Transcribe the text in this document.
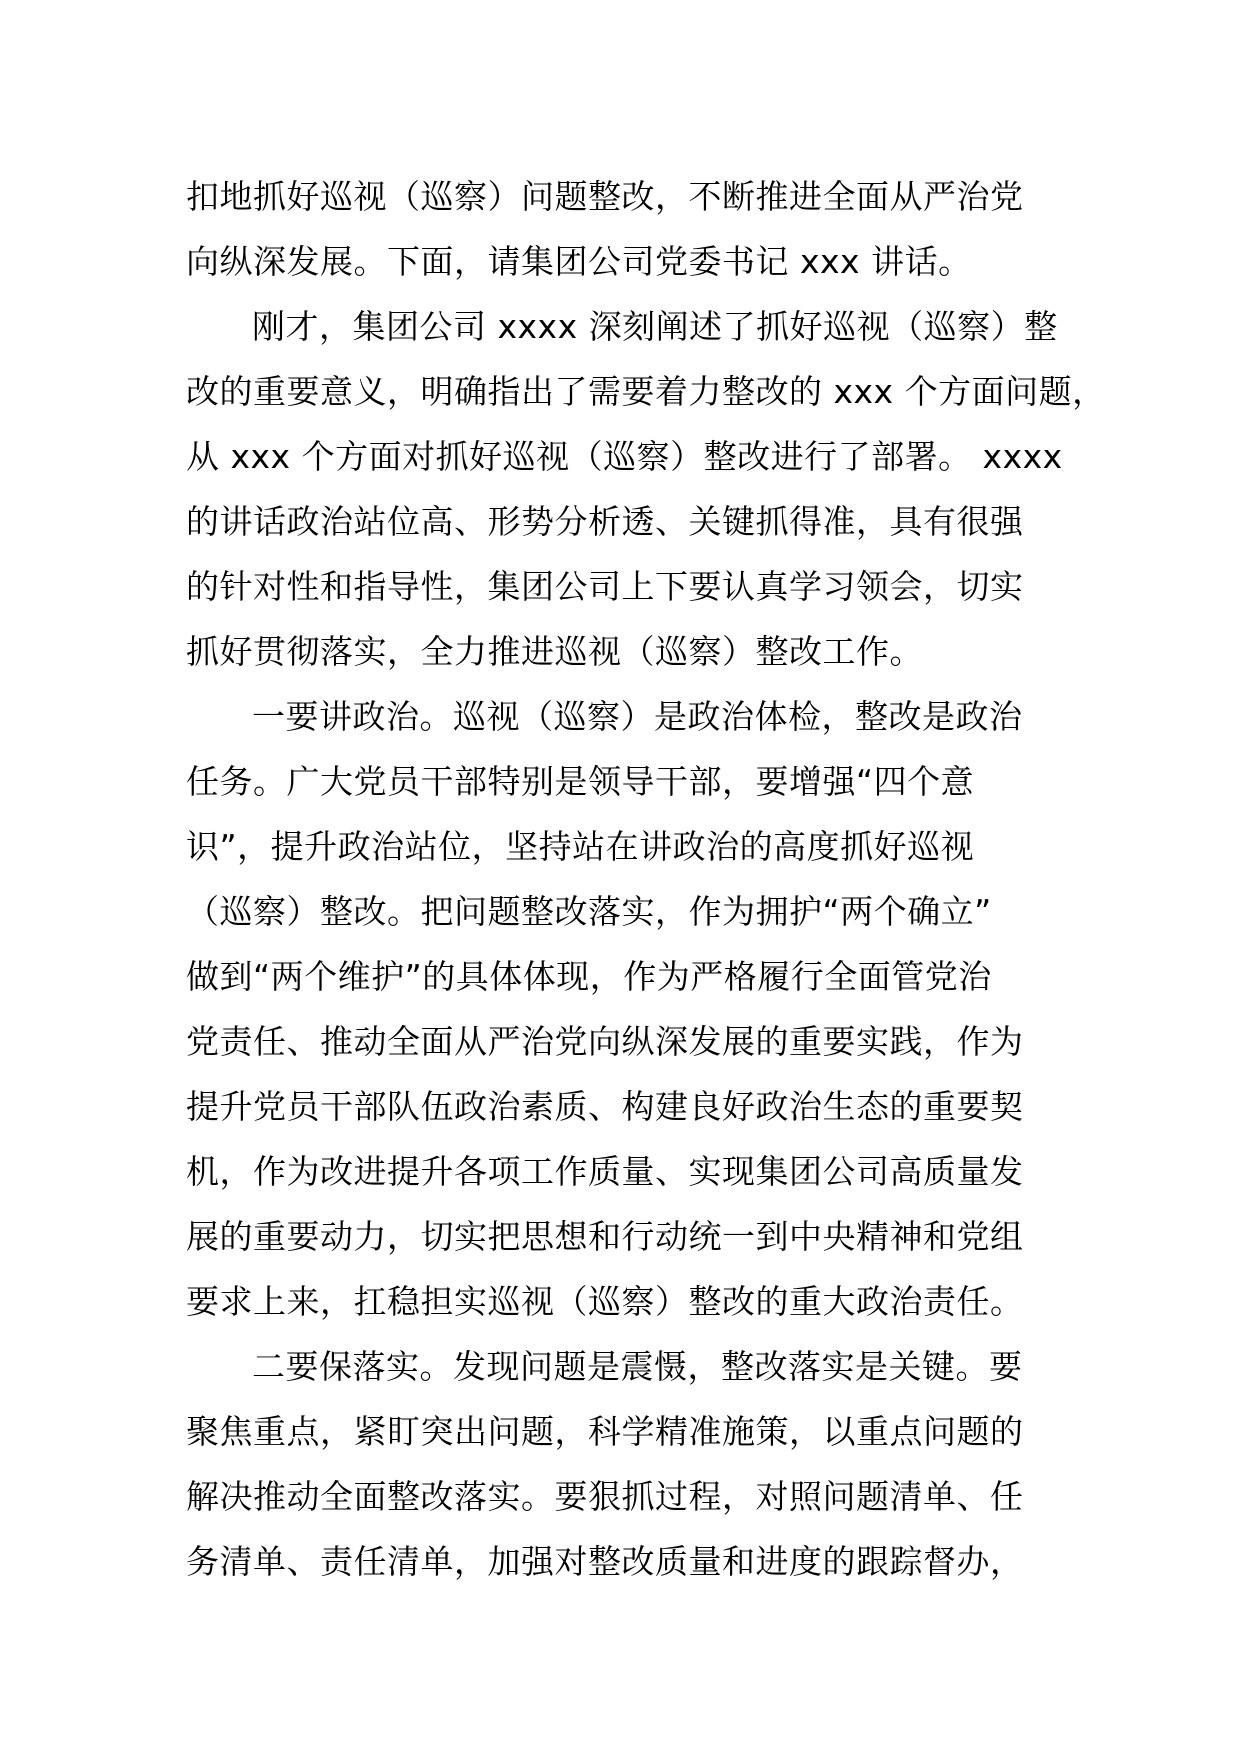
扣地抓好巡视（巡察）问题整改，不断推进全面从严治党
向纵深发展。下面，请集团公司党委书记 xxx 讲话。
刚才，集团公司 xxxx 深刻阐述了抓好巡视（巡察）整
改的重要意义，明确指出了需要着力整改的 xxx 个方面问题，
从 xxx 个方面对抓好巡视（巡察）整改进行了部署。 xxxx
的讲话政治站位高、形势分析透、关键抓得准，具有很强
的针对性和指导性，集团公司上下要认真学习领会，切实
抓好贯彻落实，全力推进巡视（巡察）整改工作。
一要讲政治。巡视（巡察）是政治体检，整改是政治
任务。广大党员干部特别是领导干部，要增强“四个意
识”，提升政治站位，坚持站在讲政治的高度抓好巡视
（巡察）整改。把问题整改落实，作为拥护“两个确立”
做到“两个维护”的具体体现，作为严格履行全面管党治
党责任、推动全面从严治党向纵深发展的重要实践，作为
提升党员干部队伍政治素质、构建良好政治生态的重要契
机，作为改进提升各项工作质量、实现集团公司高质量发
展的重要动力，切实把思想和行动统一到中央精神和党组
要求上来，扛稳担实巡视（巡察）整改的重大政治责任。
二要保落实。发现问题是震慑，整改落实是关键。要
聚焦重点，紧盯突出问题，科学精准施策，以重点问题的
解决推动全面整改落实。要狠抓过程，对照问题清单、任
务清单、责任清单，加强对整改质量和进度的跟踪督办，
